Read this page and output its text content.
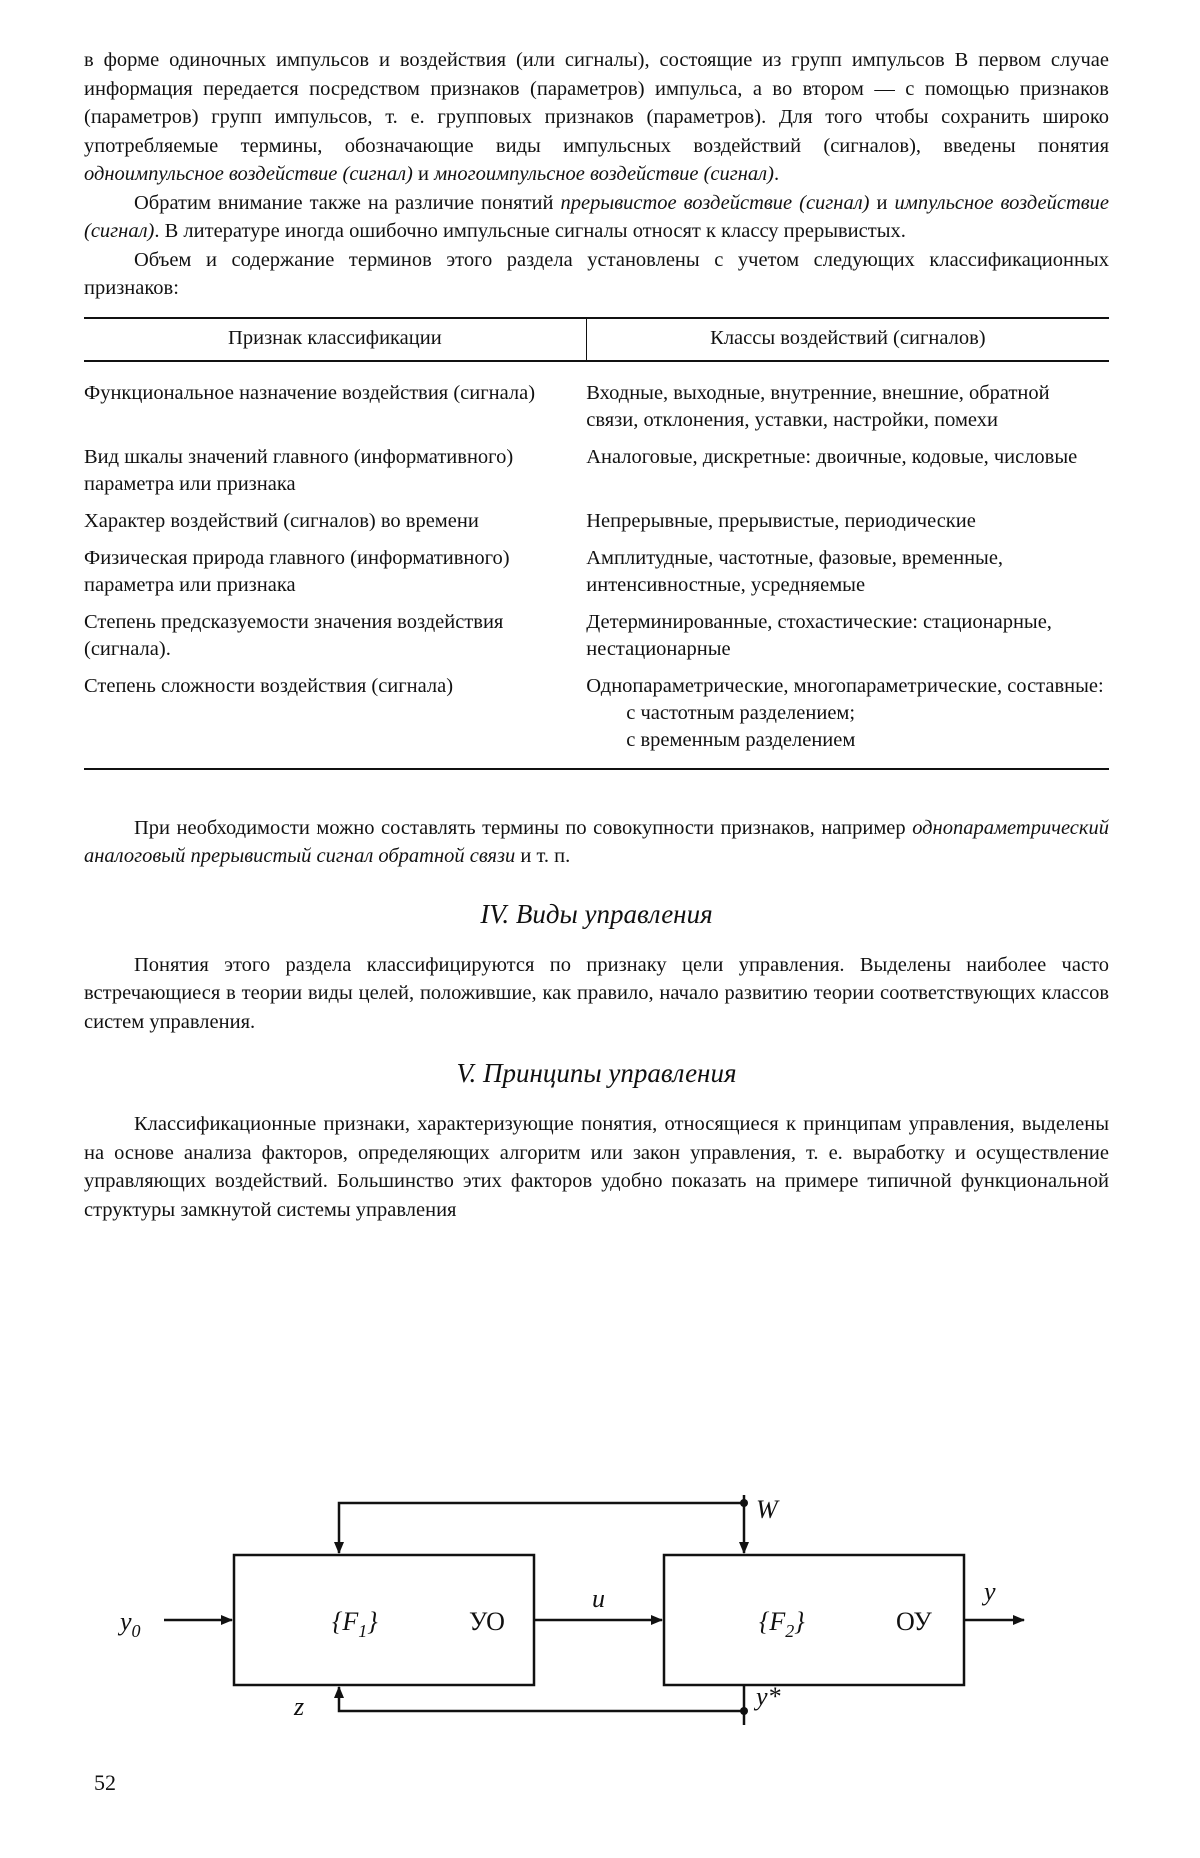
в форме одиночных импульсов и воздействия (или сигналы), состоящие из групп импульсов В первом случае информация передается посредством признаков (параметров) импульса, а во втором — с помощью признаков (параметров) групп импульсов, т. е. групповых признаков (параметров). Для того чтобы сохранить широко употребляемые термины, обозначающие виды импульсных воздействий (сигналов), введены понятия одноимпульсное воздействие (сигнал) и многоимпульсное воздействие (сигнал).

Обратим внимание также на различие понятий прерывистое воздействие (сигнал) и импульсное воздействие (сигнал). В литературе иногда ошибочно импульсные сигналы относят к классу прерывистых.

Объем и содержание терминов этого раздела установлены с учетом следующих классификационных признаков:

Признак классификации	Классы воздействий (сигналов)
Функциональное назначение воздействия (сигнала)	Входные, выходные, внутренние, внешние, обратной связи, отклонения, уставки, настройки, помехи
Вид шкалы значений главного (информативного) параметра или признака	Аналоговые, дискретные: двоичные, кодовые, числовые
Характер воздействий (сигналов) во времени	Непрерывные, прерывистые, периодические
Физическая природа главного (информативного) параметра или признака	Амплитудные, частотные, фазовые, временные, интенсивностные, усредняемые
Степень предсказуемости значения воздействия (сигнала).	Детерминированные, стохастические: стационарные, нестационарные
Степень сложности воздействия (сигнала)	Однопараметрические, многопараметрические, составные:
с частотным разделением;
с временным разделением

При необходимости можно составлять термины по совокупности признаков, например однопараметрический аналоговый прерывистый сигнал обратной связи и т. п.

IV. Виды управления

Понятия этого раздела классифицируются по признаку цели управления. Выделены наиболее часто встречающиеся в теории виды целей, положившие, как правило, начало развитию теории соответствующих классов систем управления.

V. Принципы управления

Классификационные признаки, характеризующие понятия, относящиеся к принципам управления, выделены на основе анализа факторов, определяющих алгоритм или закон управления, т. е. выработку и осуществление управляющих воздействий. Большинство этих факторов удобно показать на примере типичной функциональной структуры замкнутой системы управления

$y_0$	$\{F_1\}$	УО
u
$\{F_2\}$	ОУ
y
W
z	y*
52
